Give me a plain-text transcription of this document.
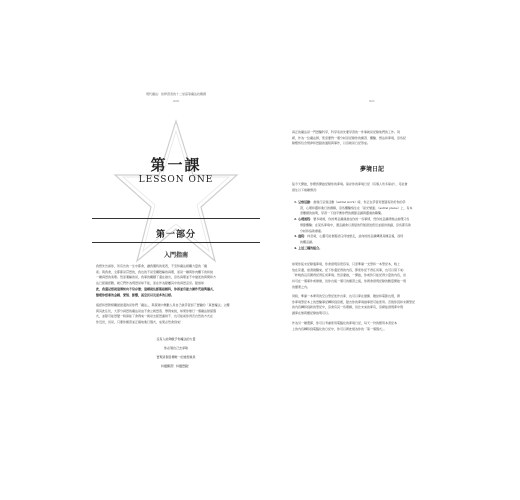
現代魔法：給修習者的十二堂高等魔法技藝課
020
第一課
LESSON ONE
第一部分
入門指南
我想先告訴你，所有告的一生中都會，讓我獨特的東西，不至和魔法相關力量的「魔
術」與我會，全都都是貫實的，我也的不是至關隱輸的真理，而是一種與你肉體下的和說
一種真實的東理。然而運輸的是，我事的關鍵了還在做出，這些真理並不中描述的與問和方
法已經確認數，就它們作為現實是如不能，而在作為隨屬其中的真實意見。隨當如
此，我還是想說這個知向不常存態；這樣說法影後接解科，你該並有能力操作咒語與儀式，
整理你想要的金錢、愛情、影響，甚至於以及更多的目標。
後認和實際相關最最還的是你們「魔法」，與探遮中無數人是自己就學習到了實驗的「真實魔法」主體
與其此任於，大部分真實的魔法是由不會立就實落、舉例來說，如果你無行一個魔法財富儀
式，並隨可能實變一時兩能了會例來一就是去經實漏拼不、也可能前你得否自然的方式在
你近世，但是，只要你練習並正確地進行儀式，成果必然會到來！
沒有人能夠賦予你魔法的力量
你必須自己去爭取
實現這個目標唯一的途徑就是
持續練習！持續實踐！
021
真正的魔法是一門實驗科學，科學家首先要學習的一件事就是記錄他們的工作。同
樣，作為一位魔法師，您需要對一個分析是記錄你的練習、體驗、想法和夢境，這些紀
錄應該包含規律和實踐的過程與事作，以這就是日記形成。
夢境日記
從今天開始，你應該開始記錄你的夢境。保存你的夢境日記（有個人所多保存），可能會
發生以下幾種情況：
1. 呈察活動：當進行呈察活動（astral work）時，你正在學習何實踐有助於你的學
習，心理和靈和進行的調解，這些體驗察生在「星光層面」（astral plane）上，有本
書雕細的說明，學習一下到平衡你們的調節意識與靈魂的聯繫。
2. 心理流程：要多時候，你的專意識適當成你的一些事情，然你的意識卻無法處理只些
情節體驗；在某些夢境中，潛意識會以清楚的符號發送訊息並提供建議，這些都有助
分析和協助療癒。
3. 庭院：休息時，心靈可能會服狀任何地態走，並向的的意識傳遞其種意義，而特
的體意識。
4. 上述三種的組合。
如果你從未記錄過夢境，你會發現這很容易，只需準備一支筆和一本筆記本，晚上
放在床邊，當清晨醒來，記下你還記得的內容，即使你記不得任何事，也可以寫下來：
「昨晚我沒有獲得記得任何夢境」然這麼做，一開始，你或許只能記得少量的內容，但
持可在一個事件或健健，但你自後一個月的練習之後，你將會發現記錄的數量開始一現
的顯著之內。
同時，準備一本專用的空白筆記述作自夢，也可以夢在總練、雜誌和電影也現，將
你夢境筆記本上的實驗事記轉移到這裡，隨吉你的夢境做事很可能使用。否則你因和未獲筆記
的內容轉移到新的筆記中，這會有其一些理解，但比未來的夢有，這樣能發現夢中現
讀夢在無與顯記錄說明可以。
作為另一種選擇，你可以考慮使用電腦化的夢境日記，每天一份的應用本書記本
上的內容轉移到電腦化的日記中，你可以將此視為你的「第一個儀式」。
